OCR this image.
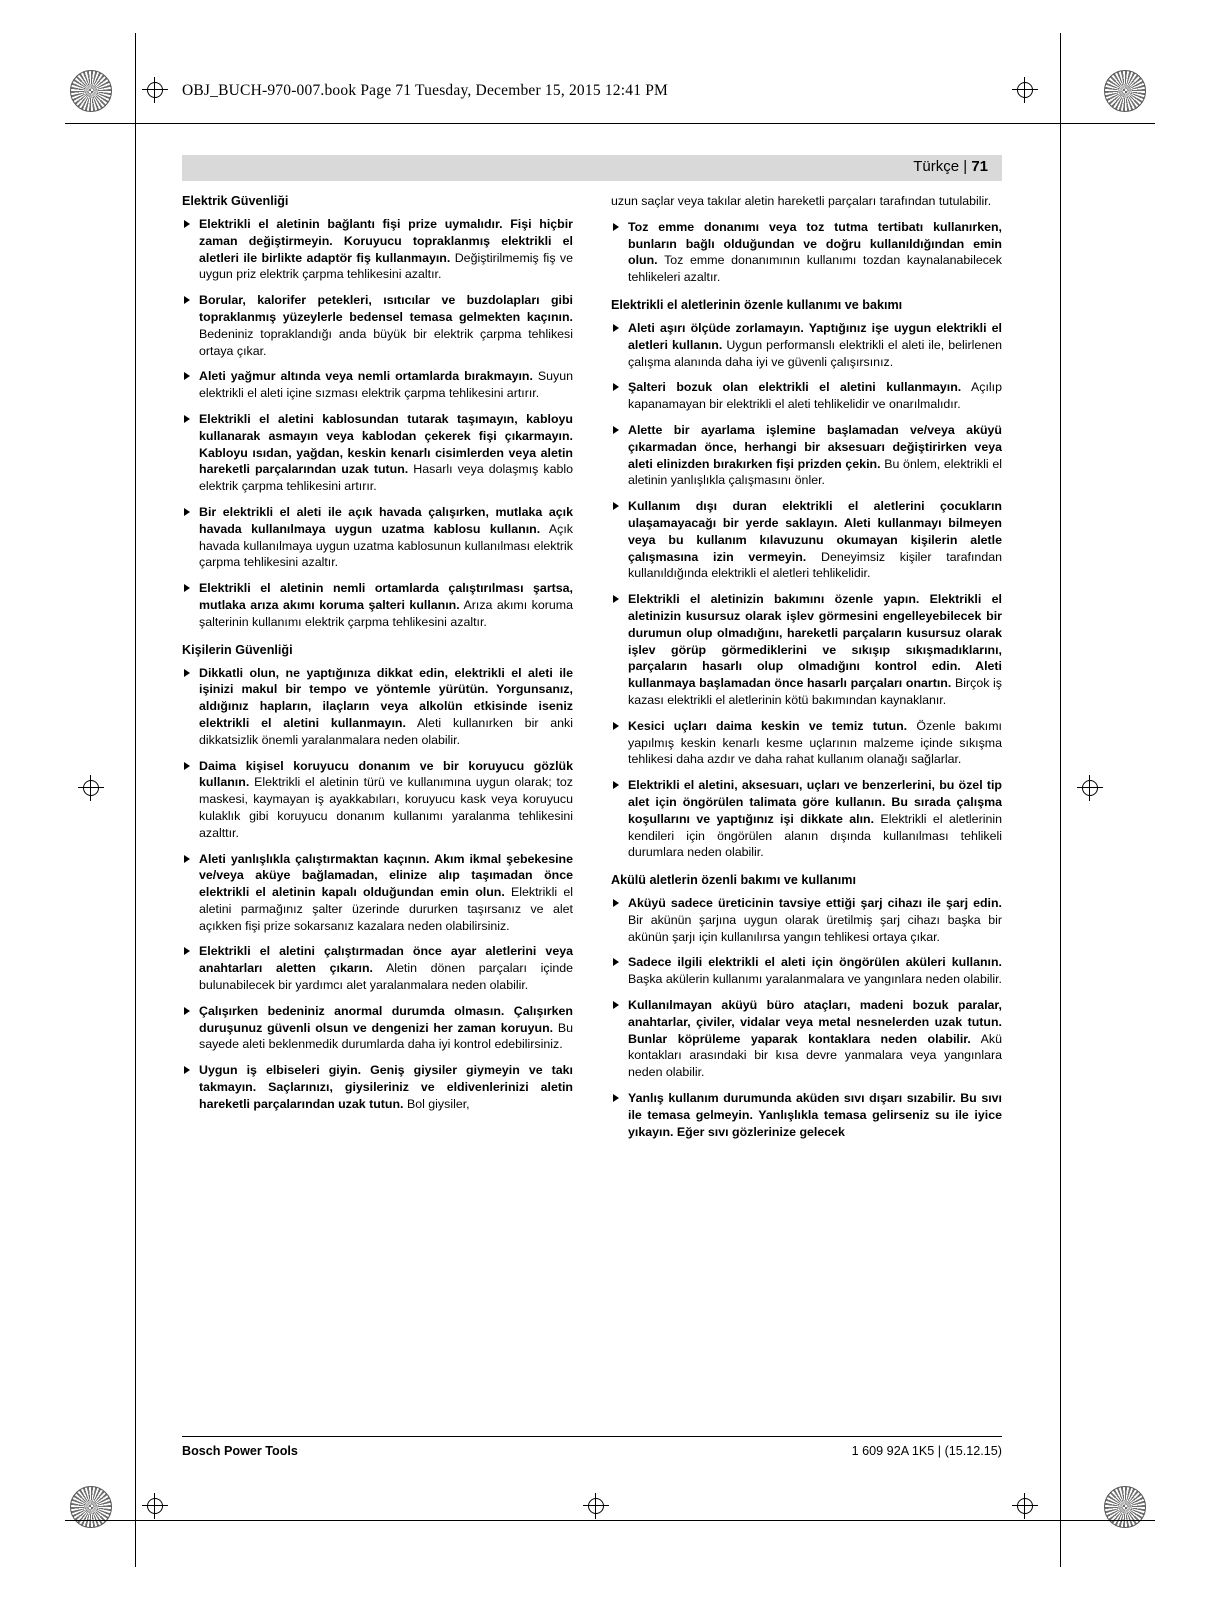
OBJ_BUCH-970-007.book Page 71 Tuesday, December 15, 2015 12:41 PM
Türkçe | 71
Elektrik Güvenliği
Elektrikli el aletinin bağlantı fişi prize uymalıdır. Fişi hiçbir zaman değiştirmeyin. Koruyucu topraklanmış elektrikli el aletleri ile birlikte adaptör fiş kullanmayın. Değiştirilmemiş fiş ve uygun priz elektrik çarpma tehlikesini azaltır.
Borular, kalorifer petekleri, ısıtıcılar ve buzdolapları gibi topraklanmış yüzeylerle bedensel temasa gelmekten kaçının. Bedeniniz topraklandığı anda büyük bir elektrik çarpma tehlikesi ortaya çıkar.
Aleti yağmur altında veya nemli ortamlarda bırakmayın. Suyun elektrikli el aleti içine sızması elektrik çarpma tehlikesini artırır.
Elektrikli el aletini kablosundan tutarak taşımayın, kabloyu kullanarak asmayın veya kablodan çekerek fişi çıkarmayın. Kabloyu ısıdan, yağdan, keskin kenarlı cisimlerden veya aletin hareketli parçalarından uzak tutun. Hasarlı veya dolaşmış kablo elektrik çarpma tehlikesini artırır.
Bir elektrikli el aleti ile açık havada çalışırken, mutlaka açık havada kullanılmaya uygun uzatma kablosu kullanın. Açık havada kullanılmaya uygun uzatma kablosunun kullanılması elektrik çarpma tehlikesini azaltır.
Elektrikli el aletinin nemli ortamlarda çalıştırılması şartsa, mutlaka arıza akımı koruma şalteri kullanın. Arıza akımı koruma şalterinin kullanımı elektrik çarpma tehlikesini azaltır.
Kişilerin Güvenliği
Dikkatli olun, ne yaptığınıza dikkat edin, elektrikli el aleti ile işinizi makul bir tempo ve yöntemle yürütün. Yorgunsanız, aldığınız hapların, ilaçların veya alkolün etkisinde iseniz elektrikli el aletini kullanmayın. Aleti kullanırken bir anki dikkatsizlik önemli yaralanmalara neden olabilir.
Daima kişisel koruyucu donanım ve bir koruyucu gözlük kullanın. Elektrikli el aletinin türü ve kullanımına uygun olarak; toz maskesi, kaymayan iş ayakkabıları, koruyucu kask veya koruyucu kulaklık gibi koruyucu donanım kullanımı yaralanma tehlikesini azalttır.
Aleti yanlışlıkla çalıştırmaktan kaçının. Akım ikmal şebekesine ve/veya aküye bağlamadan, elinize alıp taşımadan önce elektrikli el aletinin kapalı olduğundan emin olun. Elektrikli el aletini parmağınız şalter üzerinde dururken taşırsanız ve alet açıkken fişi prize sokarsanız kazalara neden olabilirsiniz.
Elektrikli el aletini çalıştırmadan önce ayar aletlerini veya anahtarları aletten çıkarın. Aletin dönen parçaları içinde bulunabilecek bir yardımcı alet yaralanmalara neden olabilir.
Çalışırken bedeniniz anormal durumda olmasın. Çalışırken duruşunuz güvenli olsun ve dengenizi her zaman koruyun. Bu sayede aleti beklenmedik durumlarda daha iyi kontrol edebilirsiniz.
Uygun iş elbiseleri giyin. Geniş giysiler giymeyin ve takı takmayın. Saçlarınızı, giysileriniz ve eldivenlerinizi aletin hareketli parçalarından uzak tutun. Bol giysiler,

uzun saçlar veya takılar aletin hareketli parçaları tarafından tutulabilir.

Toz emme donanımı veya toz tutma tertibatı kullanırken, bunların bağlı olduğundan ve doğru kullanıldığından emin olun. Toz emme donanımının kullanımı tozdan kaynalanabilecek tehlikeleri azaltır.
Elektrikli el aletlerinin özenle kullanımı ve bakımı
Aleti aşırı ölçüde zorlamayın. Yaptığınız işe uygun elektrikli el aletleri kullanın. Uygun performanslı elektrikli el aleti ile, belirlenen çalışma alanında daha iyi ve güvenli çalışırsınız.
Şalteri bozuk olan elektrikli el aletini kullanmayın. Açılıp kapanamayan bir elektrikli el aleti tehlikelidir ve onarılmalıdır.
Alette bir ayarlama işlemine başlamadan ve/veya aküyü çıkarmadan önce, herhangi bir aksesuarı değiştirirken veya aleti elinizden bırakırken fişi prizden çekin. Bu önlem, elektrikli el aletinin yanlışlıkla çalışmasını önler.
Kullanım dışı duran elektrikli el aletlerini çocukların ulaşamayacağı bir yerde saklayın. Aleti kullanmayı bilmeyen veya bu kullanım kılavuzunu okumayan kişilerin aletle çalışmasına izin vermeyin. Deneyimsiz kişiler tarafından kullanıldığında elektrikli el aletleri tehlikelidir.
Elektrikli el aletinizin bakımını özenle yapın. Elektrikli el aletinizin kusursuz olarak işlev görmesini engelleyebilecek bir durumun olup olmadığını, hareketli parçaların kusursuz olarak işlev görüp görmediklerini ve sıkışıp sıkışmadıklarını, parçaların hasarlı olup olmadığını kontrol edin. Aleti kullanmaya başlamadan önce hasarlı parçaları onartın. Birçok iş kazası elektrikli el aletlerinin kötü bakımından kaynaklanır.
Kesici uçları daima keskin ve temiz tutun. Özenle bakımı yapılmış keskin kenarlı kesme uçlarının malzeme içinde sıkışma tehlikesi daha azdır ve daha rahat kullanım olanağı sağlarlar.
Elektrikli el aletini, aksesuarı, uçları ve benzerlerini, bu özel tip alet için öngörülen talimata göre kullanın. Bu sırada çalışma koşullarını ve yaptığınız işi dikkate alın. Elektrikli el aletlerinin kendileri için öngörülen alanın dışında kullanılması tehlikeli durumlara neden olabilir.
Akülü aletlerin özenli bakımı ve kullanımı
Aküyü sadece üreticinin tavsiye ettiği şarj cihazı ile şarj edin. Bir akünün şarjına uygun olarak üretilmiş şarj cihazı başka bir akünün şarjı için kullanılırsa yangın tehlikesi ortaya çıkar.
Sadece ilgili elektrikli el aleti için öngörülen aküleri kullanın. Başka akülerin kullanımı yaralanmalara ve yangınlara neden olabilir.
Kullanılmayan aküyü büro ataçları, madeni bozuk paralar, anahtarlar, çiviler, vidalar veya metal nesnelerden uzak tutun. Bunlar köprüleme yaparak kontaklara neden olabilir. Akü kontakları arasındaki bir kısa devre yanmalara veya yangınlara neden olabilir.
Yanlış kullanım durumunda aküden sıvı dışarı sızabilir. Bu sıvı ile temasa gelmeyin. Yanlışlıkla temasa gelirseniz su ile iyice yıkayın. Eğer sıvı gözlerinize gelecek
Bosch Power Tools	1 609 92A 1K5 | (15.12.15)
